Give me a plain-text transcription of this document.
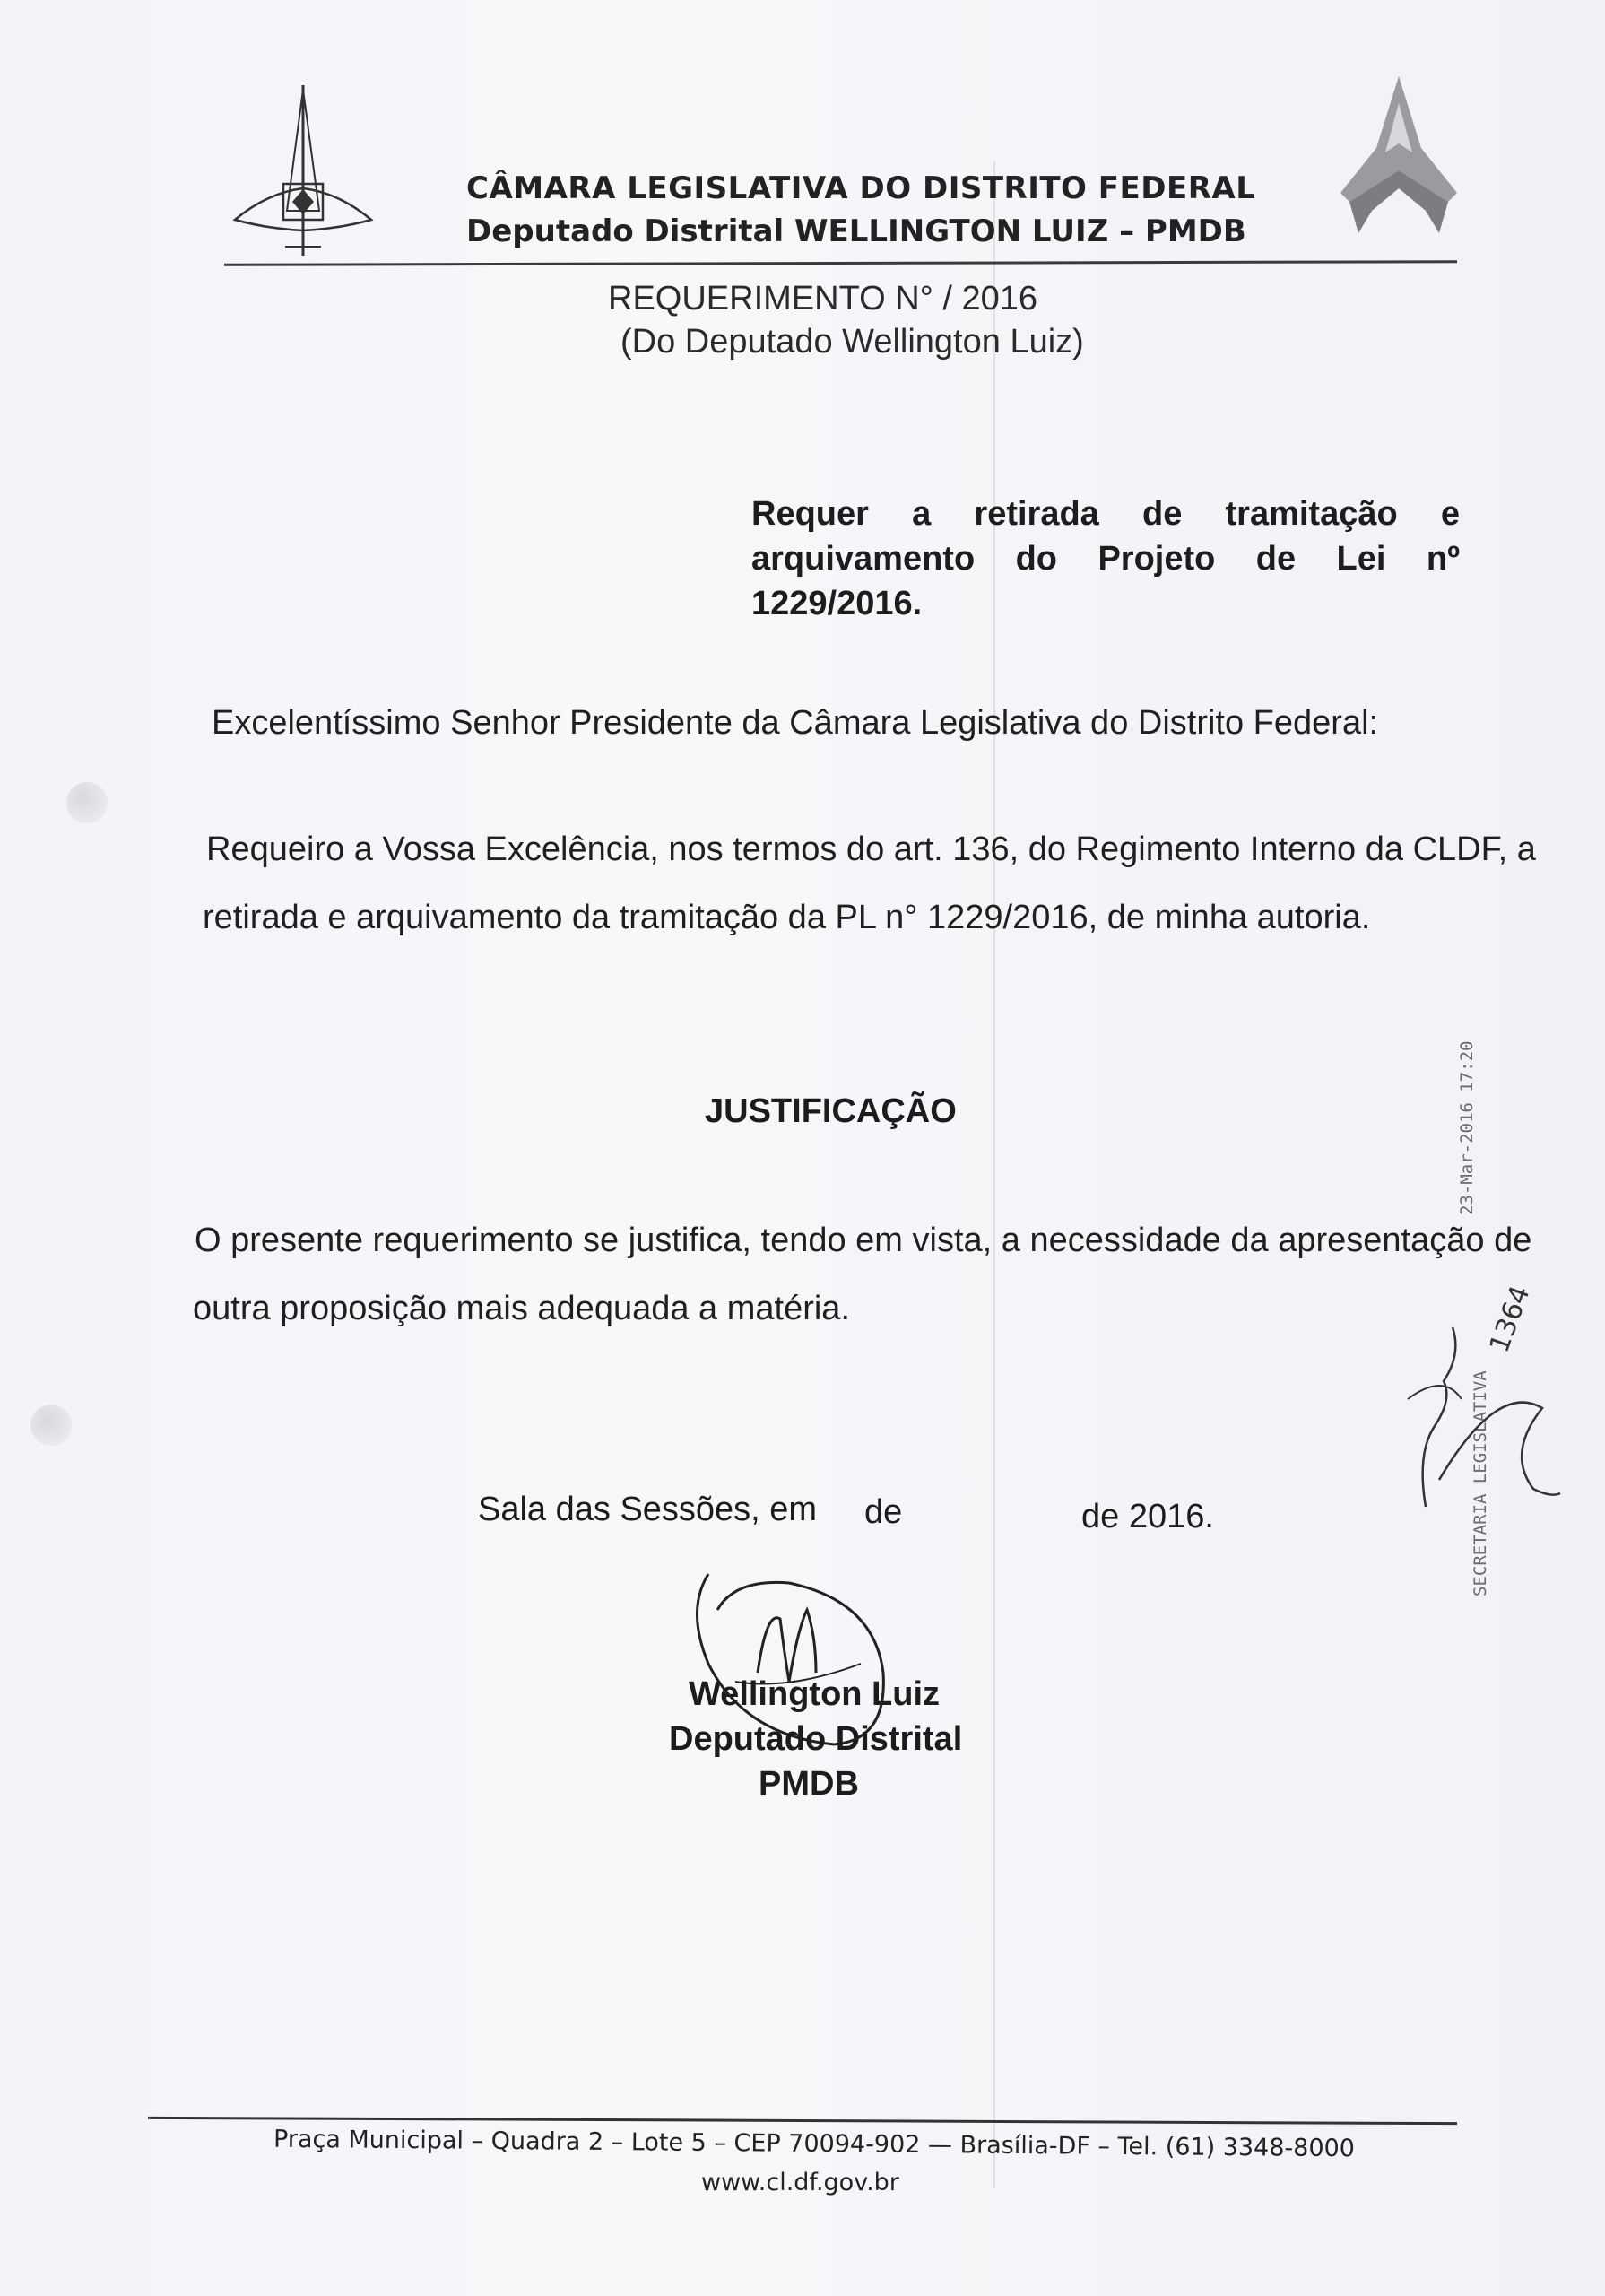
CÂMARA LEGISLATIVA DO DISTRITO FEDERAL
Deputado Distrital WELLINGTON LUIZ – PMDB
REQUERIMENTO N° / 2016
(Do Deputado Wellington Luiz)
Requer a retirada de tramitação e arquivamento do Projeto de Lei nº 1229/2016.
Excelentíssimo Senhor Presidente da Câmara Legislativa do Distrito Federal:
Requeiro a Vossa Excelência, nos termos do art. 136, do Regimento Interno da CLDF, a
retirada e arquivamento da tramitação da PL n° 1229/2016, de minha autoria.
JUSTIFICAÇÃO
O presente requerimento se justifica, tendo em vista, a necessidade da apresentação de
outra proposição mais adequada a matéria.
Sala das Sessões, em de	de 2016.
Wellington Luiz
Deputado Distrital
PMDB
SECRETARIA LEGISLATIVA
23-Mar-2016 17:20
1364
Praça Municipal – Quadra 2 – Lote 5 – CEP 70094-902 — Brasília-DF – Tel. (61) 3348-8000
www.cl.df.gov.br
